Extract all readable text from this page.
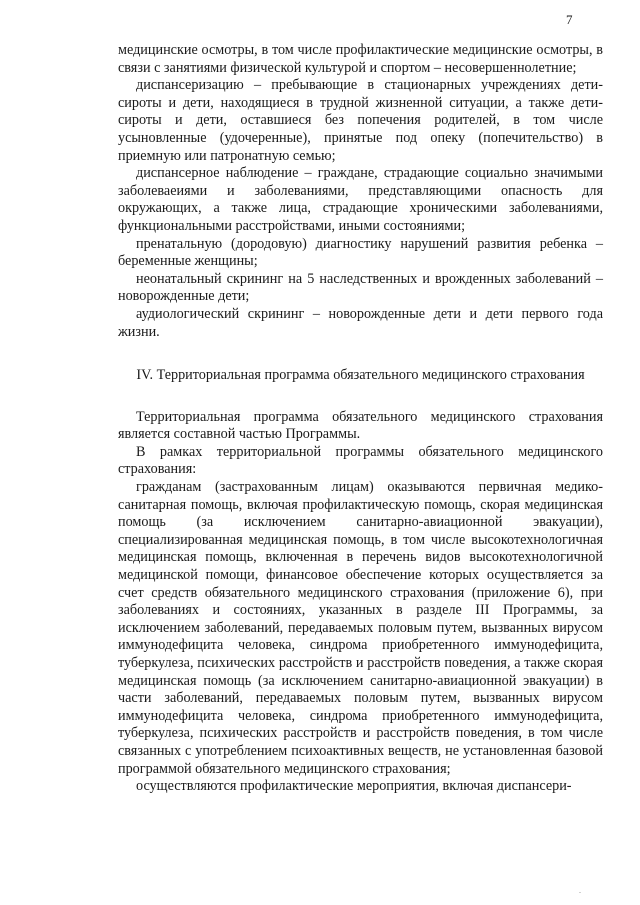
7

медицинские осмотры, в том числе профилактические медицинские осмотры, в связи с занятиями физической культурой и спортом – несовершеннолетние;

диспансеризацию – пребывающие в стационарных учреждениях дети-сироты и дети, находящиеся в трудной жизненной ситуации, а также дети-сироты и дети, оставшиеся без попечения родителей, в том числе усыновленные (удочеренные), принятые под опеку (попечительство) в приемную или патронатную семью;

диспансерное наблюдение – граждане, страдающие социально значимыми заболеваеиями и заболеваниями, представляющими опасность для окружающих, а также лица, страдающие хроническими заболеваниями, функциональными расстройствами, иными состояниями;

пренатальную (дородовую) диагностику нарушений развития ребенка – беременные женщины;

неонатальный скрининг на 5 наследственных и врожденных заболеваний – новорожденные дети;

аудиологический скрининг – новорожденные дети и дети первого года жизни.

IV. Территориальная программа обязательного медицинского страхования

Территориальная программа обязательного медицинского страхования является составной частью Программы.

В рамках территориальной программы обязательного медицинского страхования:

гражданам (застрахованным лицам) оказываются первичная медико-санитарная помощь, включая профилактическую помощь, скорая медицинская помощь (за исключением санитарно-авиационной эвакуации), специализированная медицинская помощь, в том числе высокотехнологичная медицинская помощь, включенная в перечень видов высокотехнологичной медицинской помощи, финансовое обеспечение которых осуществляется за счет средств обязательного медицинского страхования (приложение 6), при заболеваниях и состояниях, указанных в разделе III Программы, за исключением заболеваний, передаваемых половым путем, вызванных вирусом иммунодефицита человека, синдрома приобретенного иммунодефицита, туберкулеза, психических расстройств и расстройств поведения, а также скорая медицинская помощь (за исключением санитарно-авиационной эвакуации) в части заболеваний, передаваемых половым путем, вызванных вирусом иммунодефицита человека, синдрома приобретенного иммунодефицита, туберкулеза, психических расстройств и расстройств поведения, в том числе связанных с употреблением психоактивных веществ, не установленная базовой программой обязательного медицинского страхования;

осуществляются профилактические мероприятия, включая диспансери-

.
